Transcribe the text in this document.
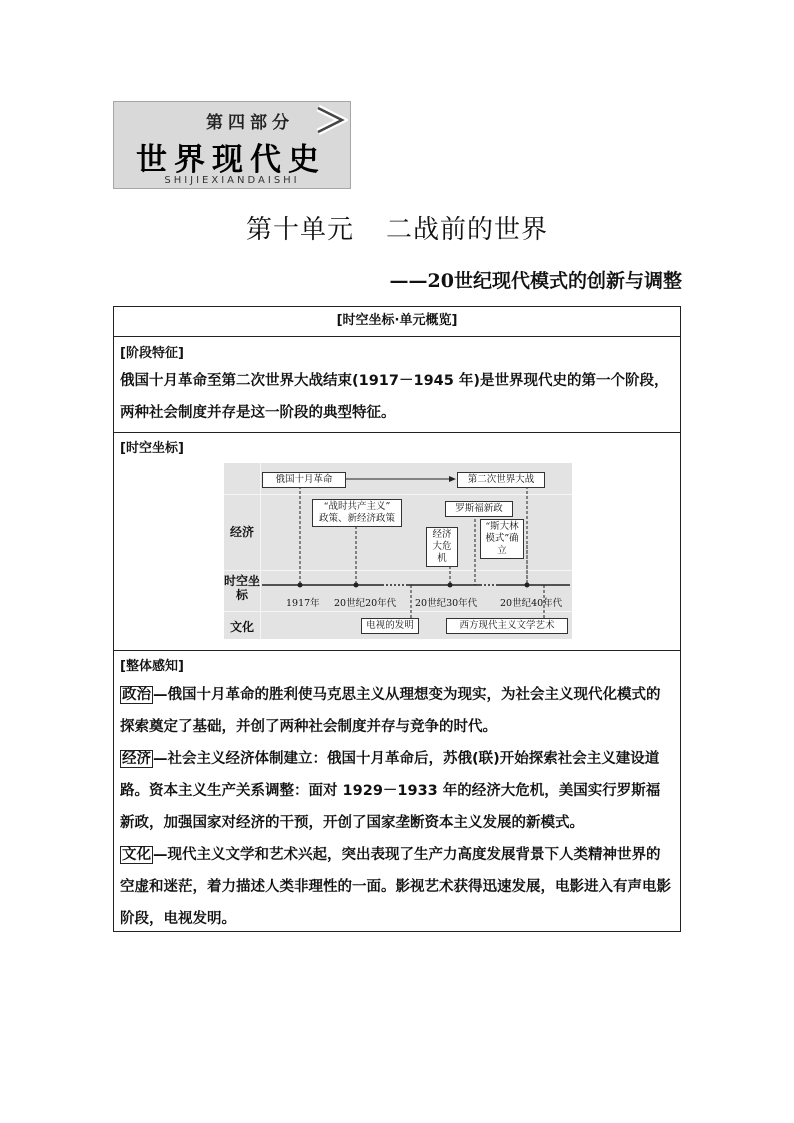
第四部分
世界现代史
SHIJIEXIANDAISHI
第十单元 二战前的世界
——20世纪现代模式的创新与调整
[时空坐标·单元概览]
[阶段特征]
俄国十月革命至第二次世界大战结束(1917－1945 年)是世界现代史的第一个阶段，两种社会制度并存是这一阶段的典型特征。
[时空坐标]
经济
时空坐标
文化
俄国十月革命	第二次世界大战
“战时共产主义”
政策、新经济政策
罗斯福新政
经济大危机
“斯大林模式”确立
1917年 20世纪20年代 20世纪30年代 20世纪40年代
电视的发明	西方现代主义文学艺术
[整体感知]
政治 —俄国十月革命的胜利使马克思主义从理想变为现实，为社会主义现代化模式的探索奠定了基础，并创了两种社会制度并存与竞争的时代。
经济 —社会主义经济体制建立：俄国十月革命后，苏俄(联)开始探索社会主义建设道路。资本主义生产关系调整：面对 1929－1933 年的经济大危机，美国实行罗斯福新政，加强国家对经济的干预，开创了国家垄断资本主义发展的新模式。
文化 —现代主义文学和艺术兴起，突出表现了生产力高度发展背景下人类精神世界的空虚和迷茫，着力描述人类非理性的一面。影视艺术获得迅速发展，电影进入有声电影阶段，电视发明。
